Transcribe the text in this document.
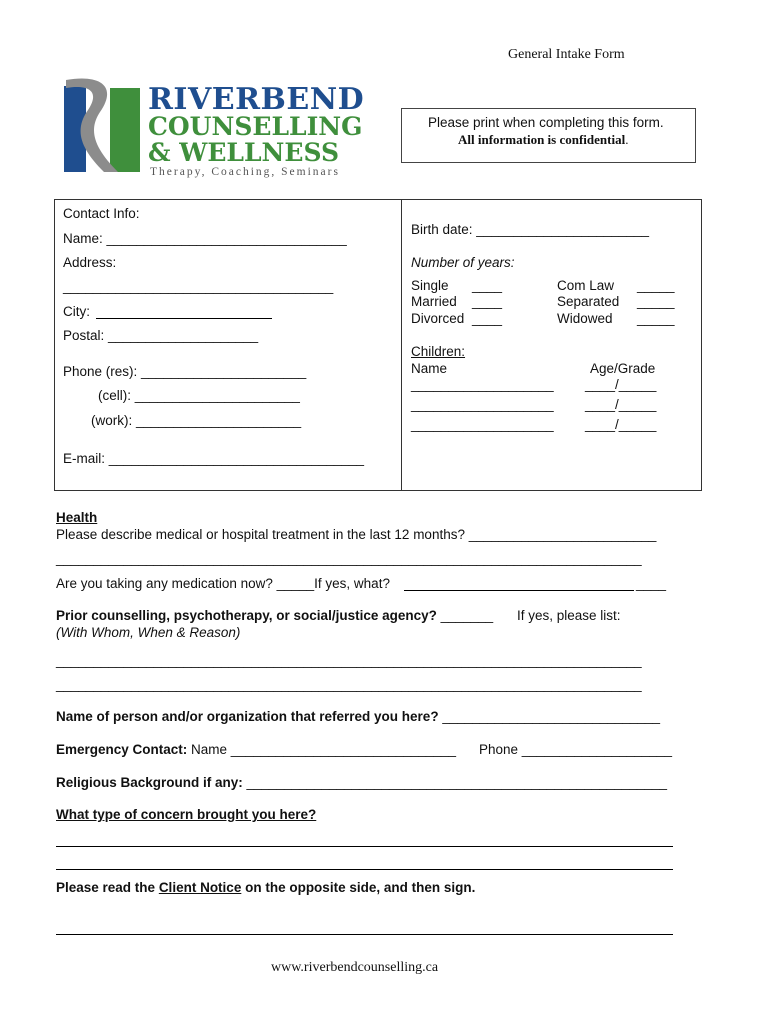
General Intake Form
RIVERBEND
COUNSELLING
& WELLNESS
Therapy, Coaching, Seminars
Please print when completing this form.
All information is confidential.
Contact Info:
Name: ________________________________
Address:
____________________________________
City:
Postal: ____________________
Phone (res): ______________________
(cell): ______________________
(work): ______________________
E-mail: __________________________________
Birth date: _______________________
Number of years:
Single ____
Married ____
Divorced ____
Com Law _____
Separated _____
Widowed _____
Children:
Name	Age/Grade
___________________ ____/_____
___________________ ____/_____
___________________ ____/_____
Health
Please describe medical or hospital treatment in the last 12 months? _________________________
______________________________________________________________________________
Are you taking any medication now? _____If yes, what?	____
Prior counselling, psychotherapy, or social/justice agency? _______ If yes, please list:
(With Whom, When & Reason)
______________________________________________________________________________
______________________________________________________________________________
Name of person and/or organization that referred you here? _____________________________
Emergency Contact: Name ______________________________ Phone ____________________
Religious Background if any: ________________________________________________________
What type of concern brought you here?
Please read the Client Notice on the opposite side, and then sign.
www.riverbendcounselling.ca
